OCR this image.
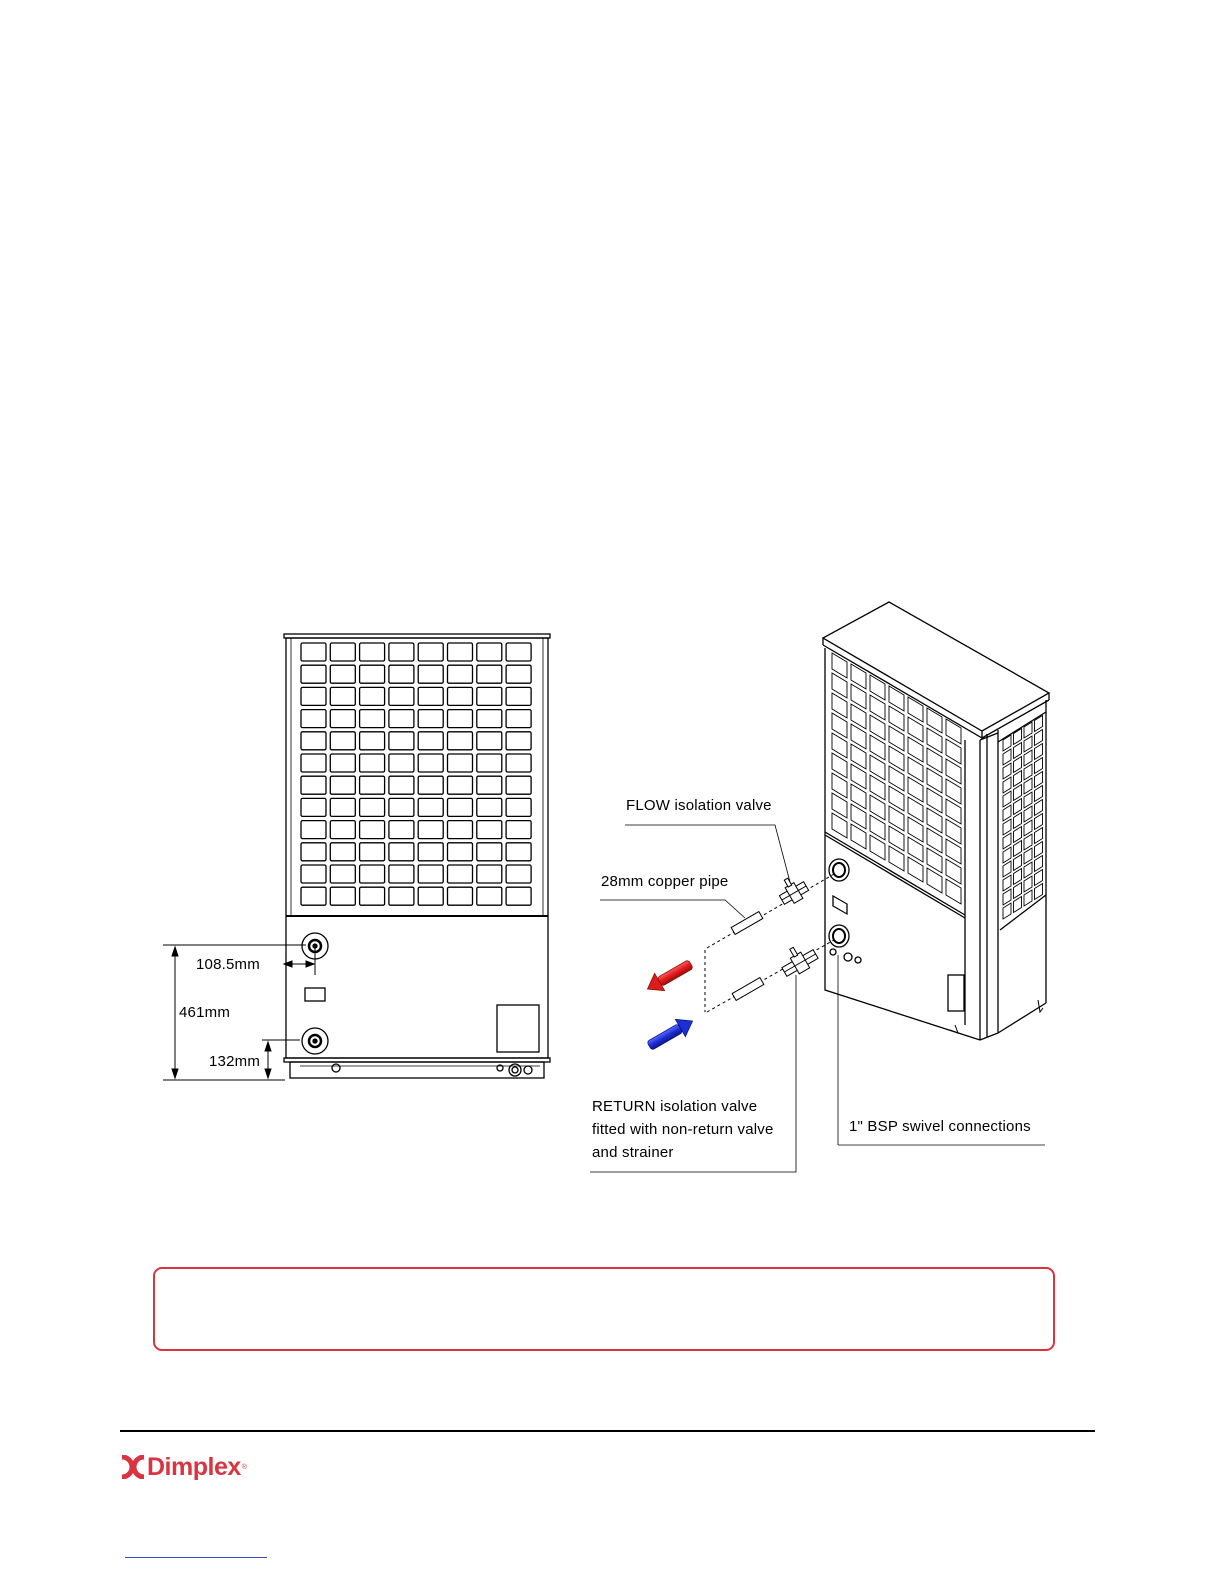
108.5mm
461mm
132mm
FLOW isolation valve
28mm copper pipe
RETURN isolation valve
fitted with non-return valve
and strainer
1" BSP swivel connections
Dimplex ®
